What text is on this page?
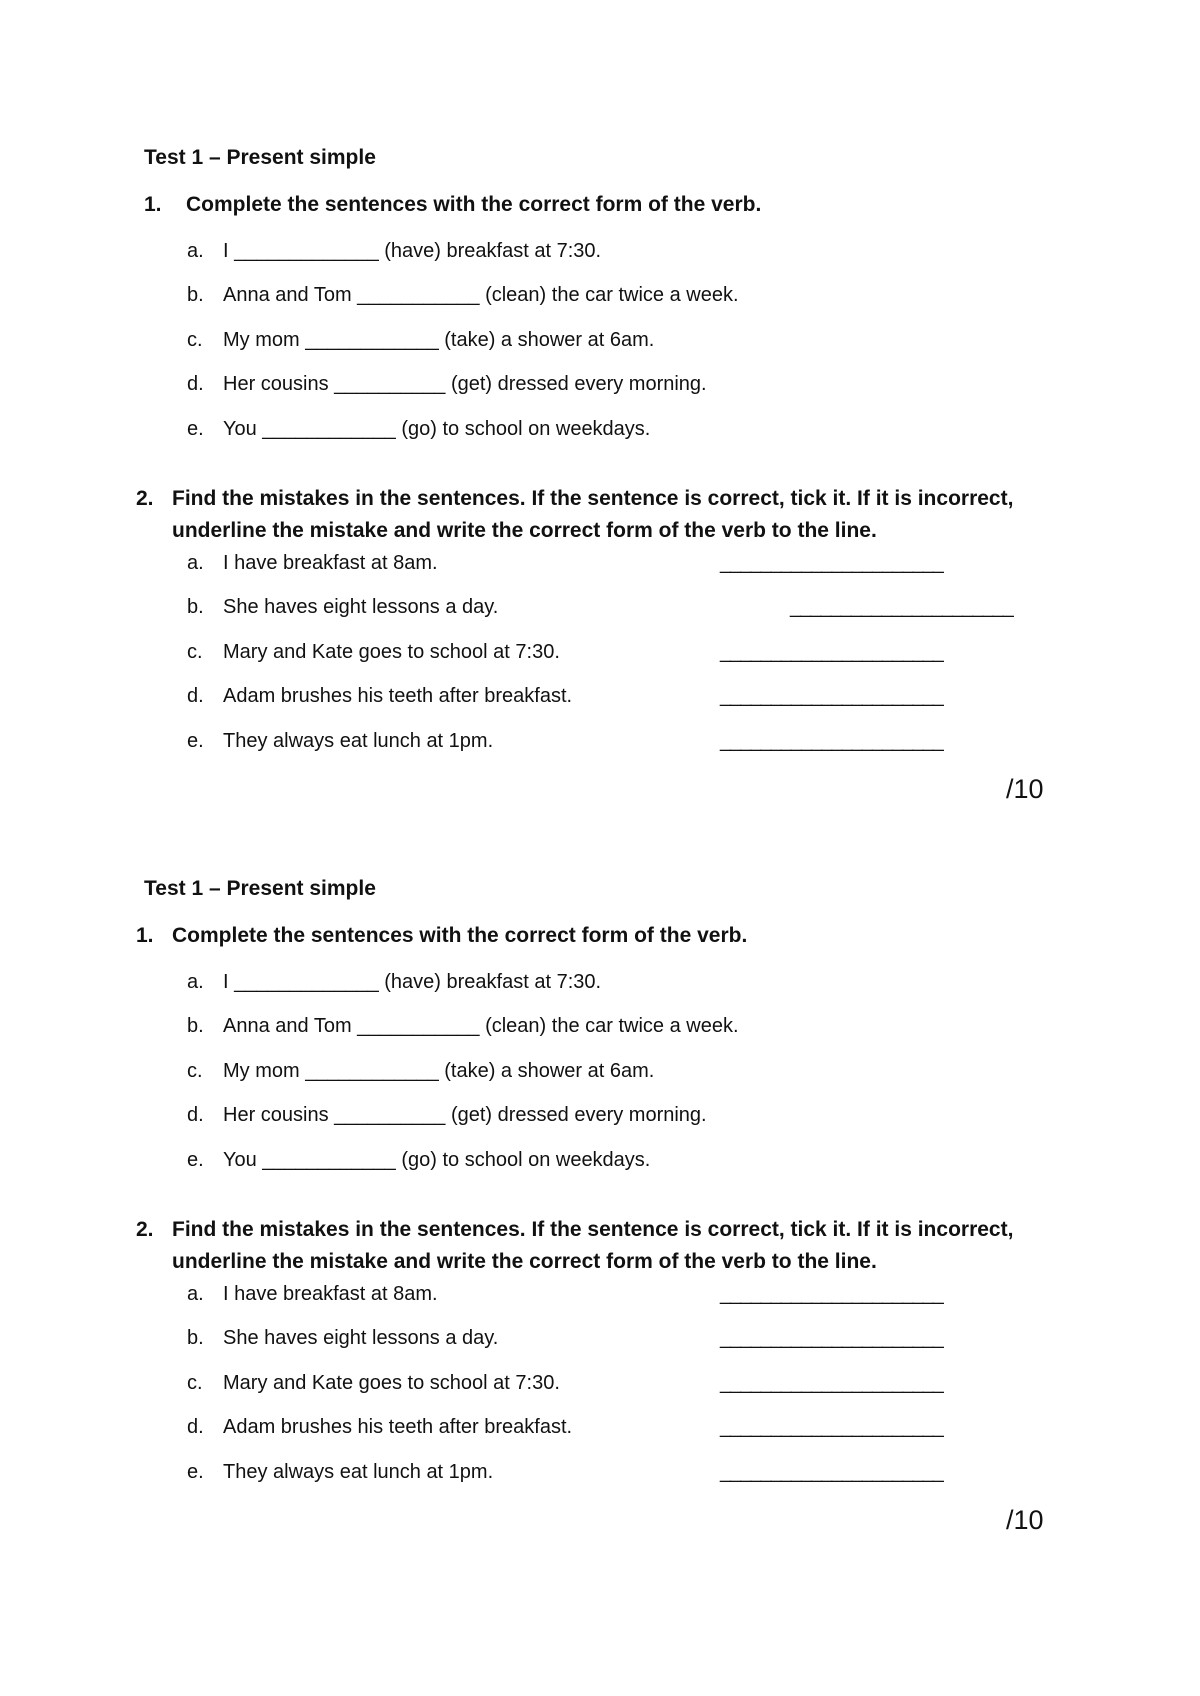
Test 1 – Present simple
1. Complete the sentences with the correct form of the verb.
a. I _____________ (have) breakfast at 7:30.
b. Anna and Tom ___________ (clean) the car twice a week.
c. My mom ____________ (take) a shower at 6am.
d. Her cousins __________ (get) dressed every morning.
e. You ____________ (go) to school on weekdays.
2. Find the mistakes in the sentences. If the sentence is correct, tick it. If it is incorrect,
underline the mistake and write the correct form of the verb to the line.
a. I have breakfast at 8am.	______________________
b. She haves eight lessons a day.	______________________
c. Mary and Kate goes to school at 7:30.	______________________
d. Adam brushes his teeth after breakfast.	______________________
e. They always eat lunch at 1pm.	______________________
/10
Test 1 – Present simple
1. Complete the sentences with the correct form of the verb.
a. I _____________ (have) breakfast at 7:30.
b. Anna and Tom ___________ (clean) the car twice a week.
c. My mom ____________ (take) a shower at 6am.
d. Her cousins __________ (get) dressed every morning.
e. You ____________ (go) to school on weekdays.
2. Find the mistakes in the sentences. If the sentence is correct, tick it. If it is incorrect,
underline the mistake and write the correct form of the verb to the line.
a. I have breakfast at 8am.	______________________
b. She haves eight lessons a day.	______________________
c. Mary and Kate goes to school at 7:30.	______________________
d. Adam brushes his teeth after breakfast.	______________________
e. They always eat lunch at 1pm.	______________________
/10
